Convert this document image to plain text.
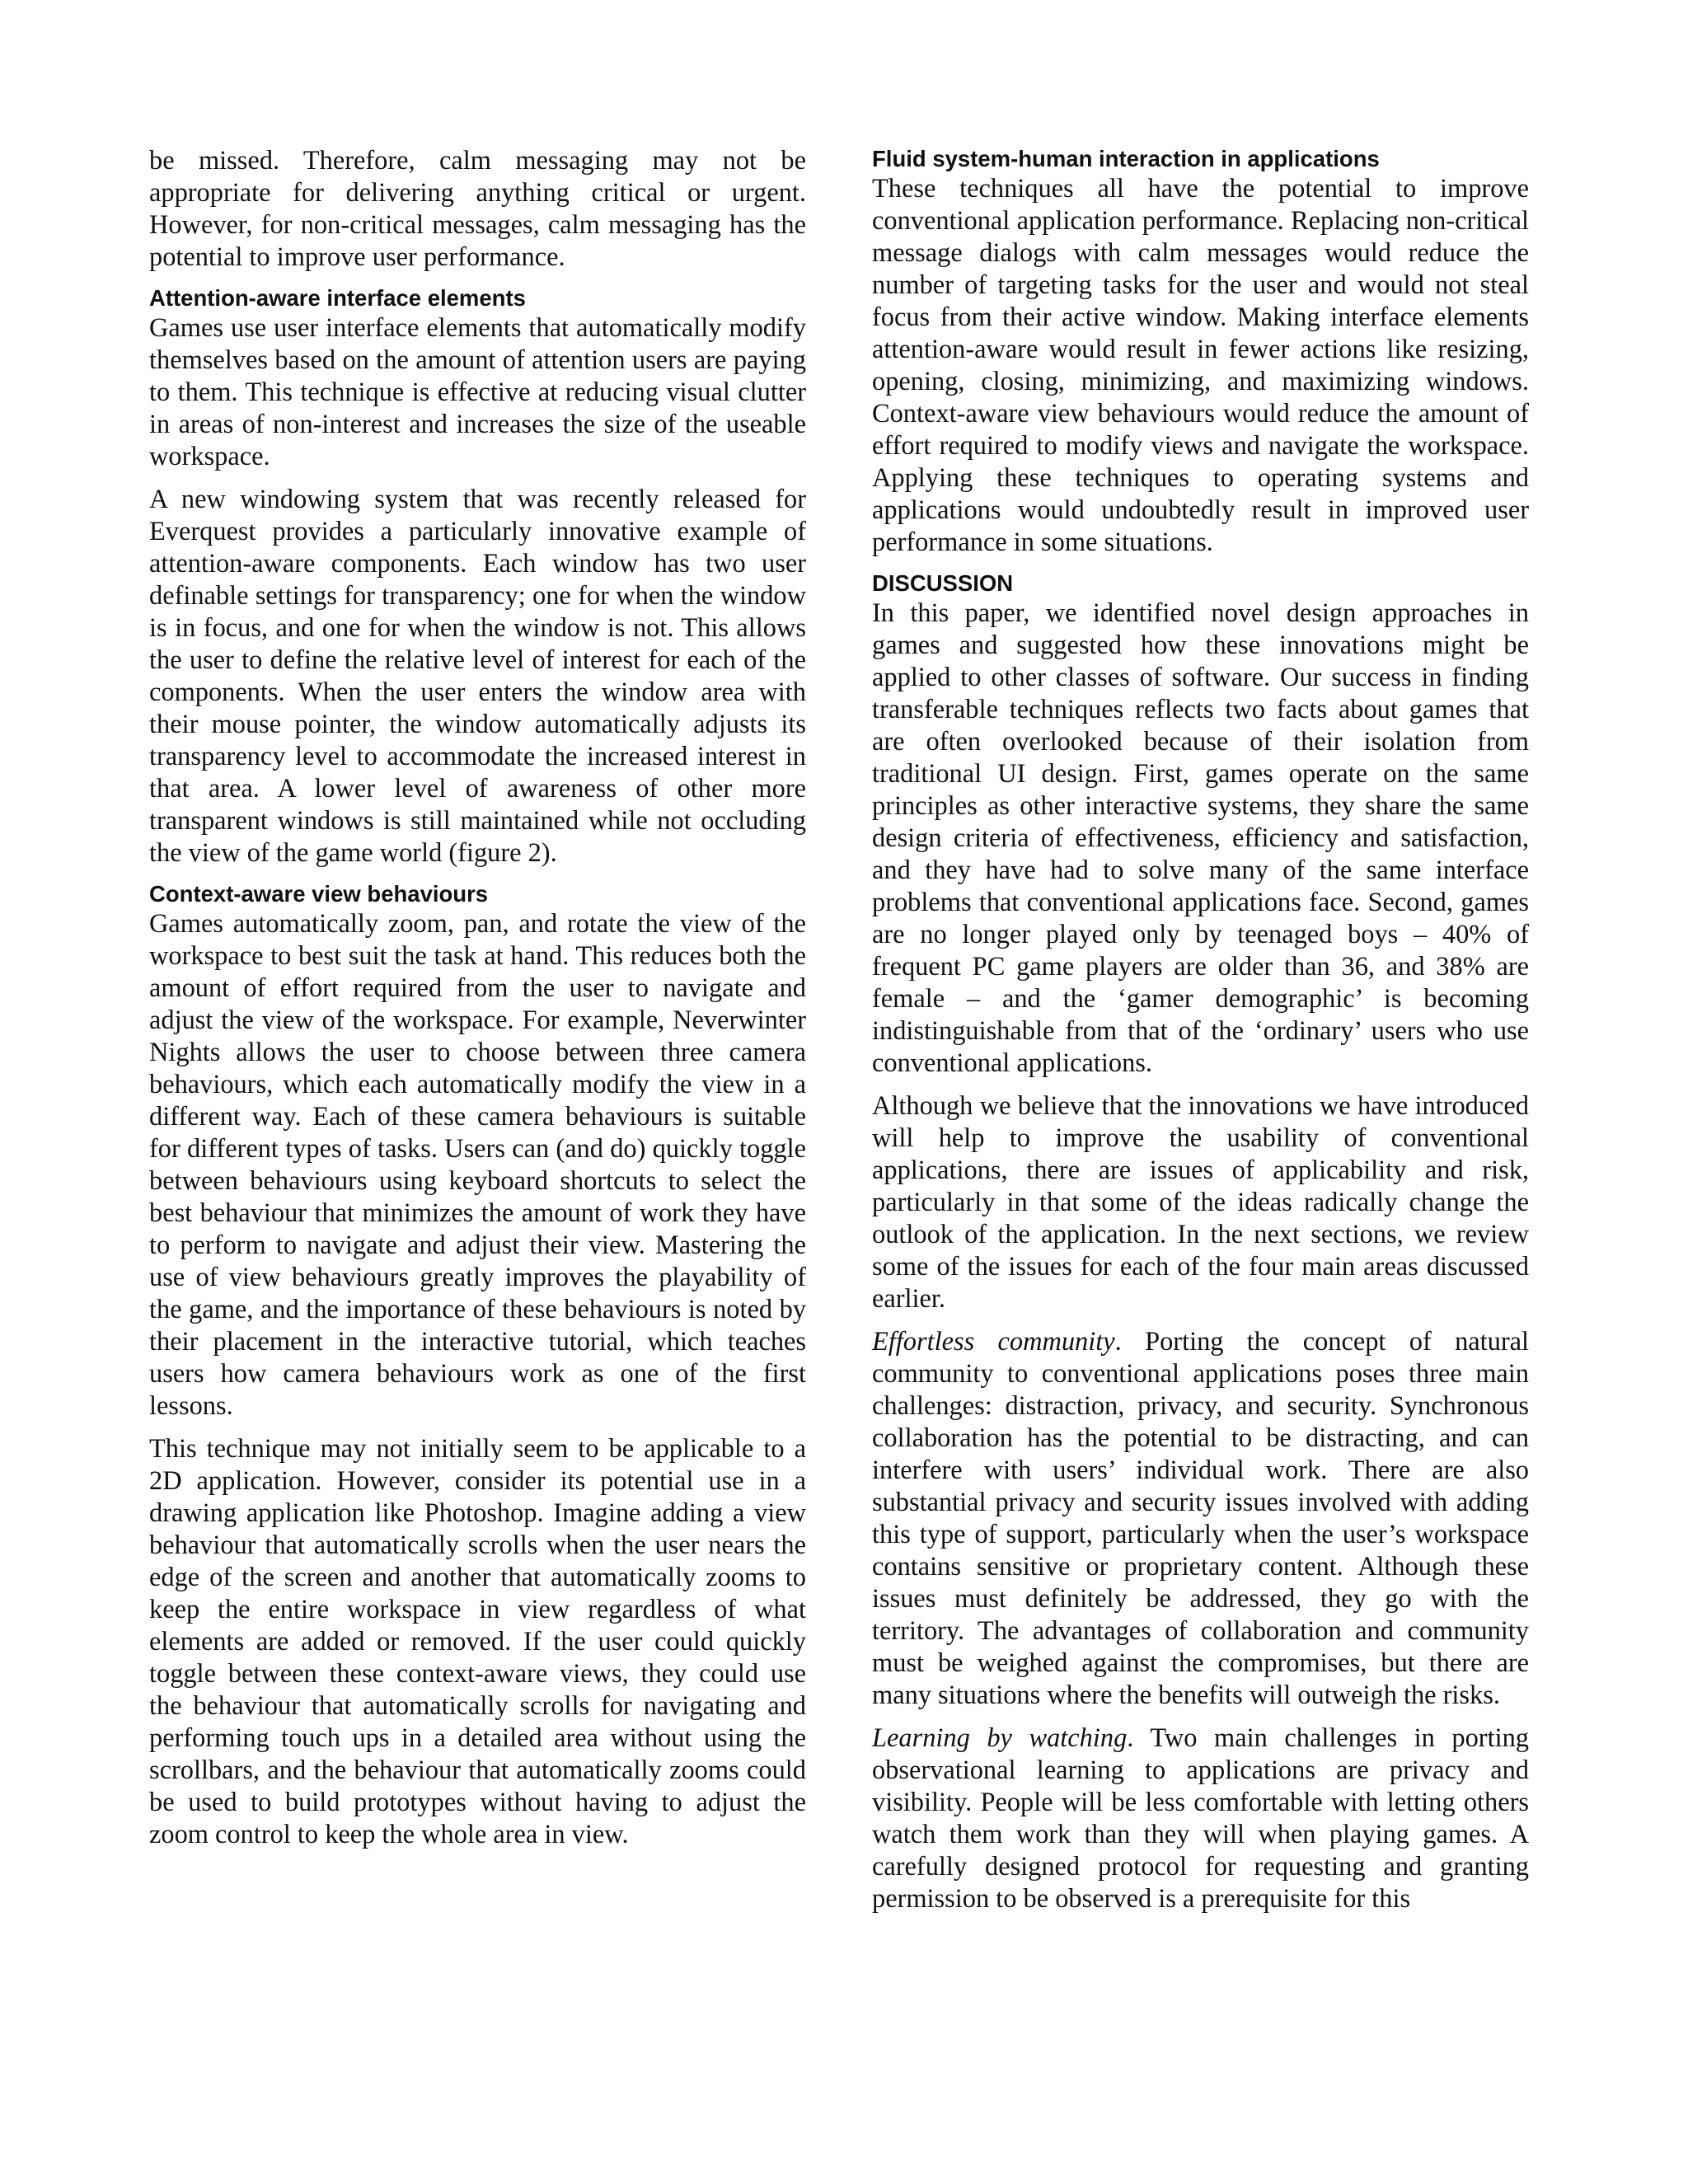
be missed. Therefore, calm messaging may not be appropriate for delivering anything critical or urgent. However, for non-critical messages, calm messaging has the potential to improve user performance.

Attention-aware interface elements

Games use user interface elements that automatically modify themselves based on the amount of attention users are paying to them. This technique is effective at reducing visual clutter in areas of non-interest and increases the size of the useable workspace.

A new windowing system that was recently released for Everquest provides a particularly innovative example of attention-aware components. Each window has two user definable settings for transparency; one for when the window is in focus, and one for when the window is not. This allows the user to define the relative level of interest for each of the components. When the user enters the window area with their mouse pointer, the window automatically adjusts its transparency level to accommodate the increased interest in that area. A lower level of awareness of other more transparent windows is still maintained while not occluding the view of the game world (figure 2).

Context-aware view behaviours

Games automatically zoom, pan, and rotate the view of the workspace to best suit the task at hand. This reduces both the amount of effort required from the user to navigate and adjust the view of the workspace. For example, Neverwinter Nights allows the user to choose between three camera behaviours, which each automatically modify the view in a different way. Each of these camera behaviours is suitable for different types of tasks. Users can (and do) quickly toggle between behaviours using keyboard shortcuts to select the best behaviour that minimizes the amount of work they have to perform to navigate and adjust their view. Mastering the use of view behaviours greatly improves the playability of the game, and the importance of these behaviours is noted by their placement in the interactive tutorial, which teaches users how camera behaviours work as one of the first lessons.

This technique may not initially seem to be applicable to a 2D application. However, consider its potential use in a drawing application like Photoshop. Imagine adding a view behaviour that automatically scrolls when the user nears the edge of the screen and another that automatically zooms to keep the entire workspace in view regardless of what elements are added or removed. If the user could quickly toggle between these context-aware views, they could use the behaviour that automatically scrolls for navigating and performing touch ups in a detailed area without using the scrollbars, and the behaviour that automatically zooms could be used to build prototypes without having to adjust the zoom control to keep the whole area in view.

Fluid system-human interaction in applications

These techniques all have the potential to improve conventional application performance. Replacing non-critical message dialogs with calm messages would reduce the number of targeting tasks for the user and would not steal focus from their active window. Making interface elements attention-aware would result in fewer actions like resizing, opening, closing, minimizing, and maximizing windows. Context-aware view behaviours would reduce the amount of effort required to modify views and navigate the workspace. Applying these techniques to operating systems and applications would undoubtedly result in improved user performance in some situations.

DISCUSSION

In this paper, we identified novel design approaches in games and suggested how these innovations might be applied to other classes of software. Our success in finding transferable techniques reflects two facts about games that are often overlooked because of their isolation from traditional UI design. First, games operate on the same principles as other interactive systems, they share the same design criteria of effectiveness, efficiency and satisfaction, and they have had to solve many of the same interface problems that conventional applications face. Second, games are no longer played only by teenaged boys – 40% of frequent PC game players are older than 36, and 38% are female – and the ‘gamer demographic’ is becoming indistinguishable from that of the ‘ordinary’ users who use conventional applications.

Although we believe that the innovations we have introduced will help to improve the usability of conventional applications, there are issues of applicability and risk, particularly in that some of the ideas radically change the outlook of the application. In the next sections, we review some of the issues for each of the four main areas discussed earlier.

Effortless community. Porting the concept of natural community to conventional applications poses three main challenges: distraction, privacy, and security. Synchronous collaboration has the potential to be distracting, and can interfere with users’ individual work. There are also substantial privacy and security issues involved with adding this type of support, particularly when the user’s workspace contains sensitive or proprietary content. Although these issues must definitely be addressed, they go with the territory. The advantages of collaboration and community must be weighed against the compromises, but there are many situations where the benefits will outweigh the risks.

Learning by watching. Two main challenges in porting observational learning to applications are privacy and visibility. People will be less comfortable with letting others watch them work than they will when playing games. A carefully designed protocol for requesting and granting permission to be observed is a prerequisite for this
